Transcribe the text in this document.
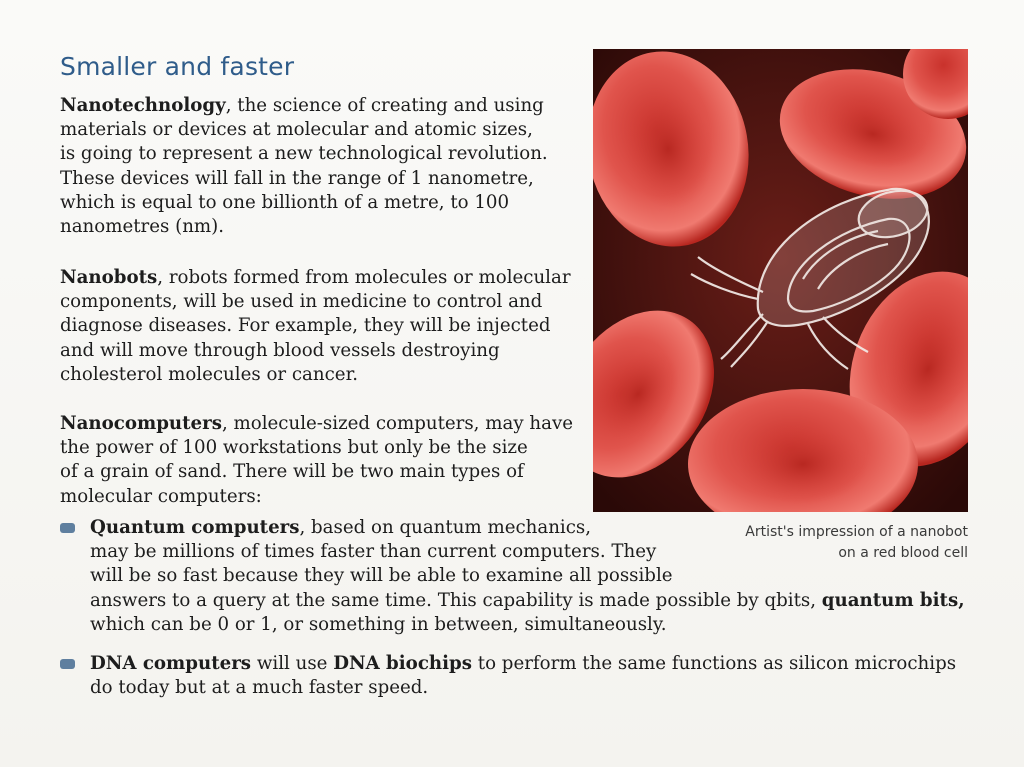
Smaller and faster

Nanotechnology, the science of creating and using
materials or devices at molecular and atomic sizes,
is going to represent a new technological revolution.
These devices will fall in the range of 1 nanometre,
which is equal to one billionth of a metre, to 100
nanometres (nm).

Nanobots, robots formed from molecules or molecular
components, will be used in medicine to control and
diagnose diseases. For example, they will be injected
and will move through blood vessels destroying
cholesterol molecules or cancer.

Nanocomputers, molecule-sized computers, may have
the power of 100 workstations but only be the size
of a grain of sand. There will be two main types of
molecular computers:

Quantum computers, based on quantum mechanics,
may be millions of times faster than current computers. They
will be so fast because they will be able to examine all possible
answers to a query at the same time. This capability is made possible by qbits, quantum bits,
which can be 0 or 1, or something in between, simultaneously.
DNA computers will use DNA biochips to perform the same functions as silicon microchips
do today but at a much faster speed.
Artist's impression of a nanobot
on a red blood cell
